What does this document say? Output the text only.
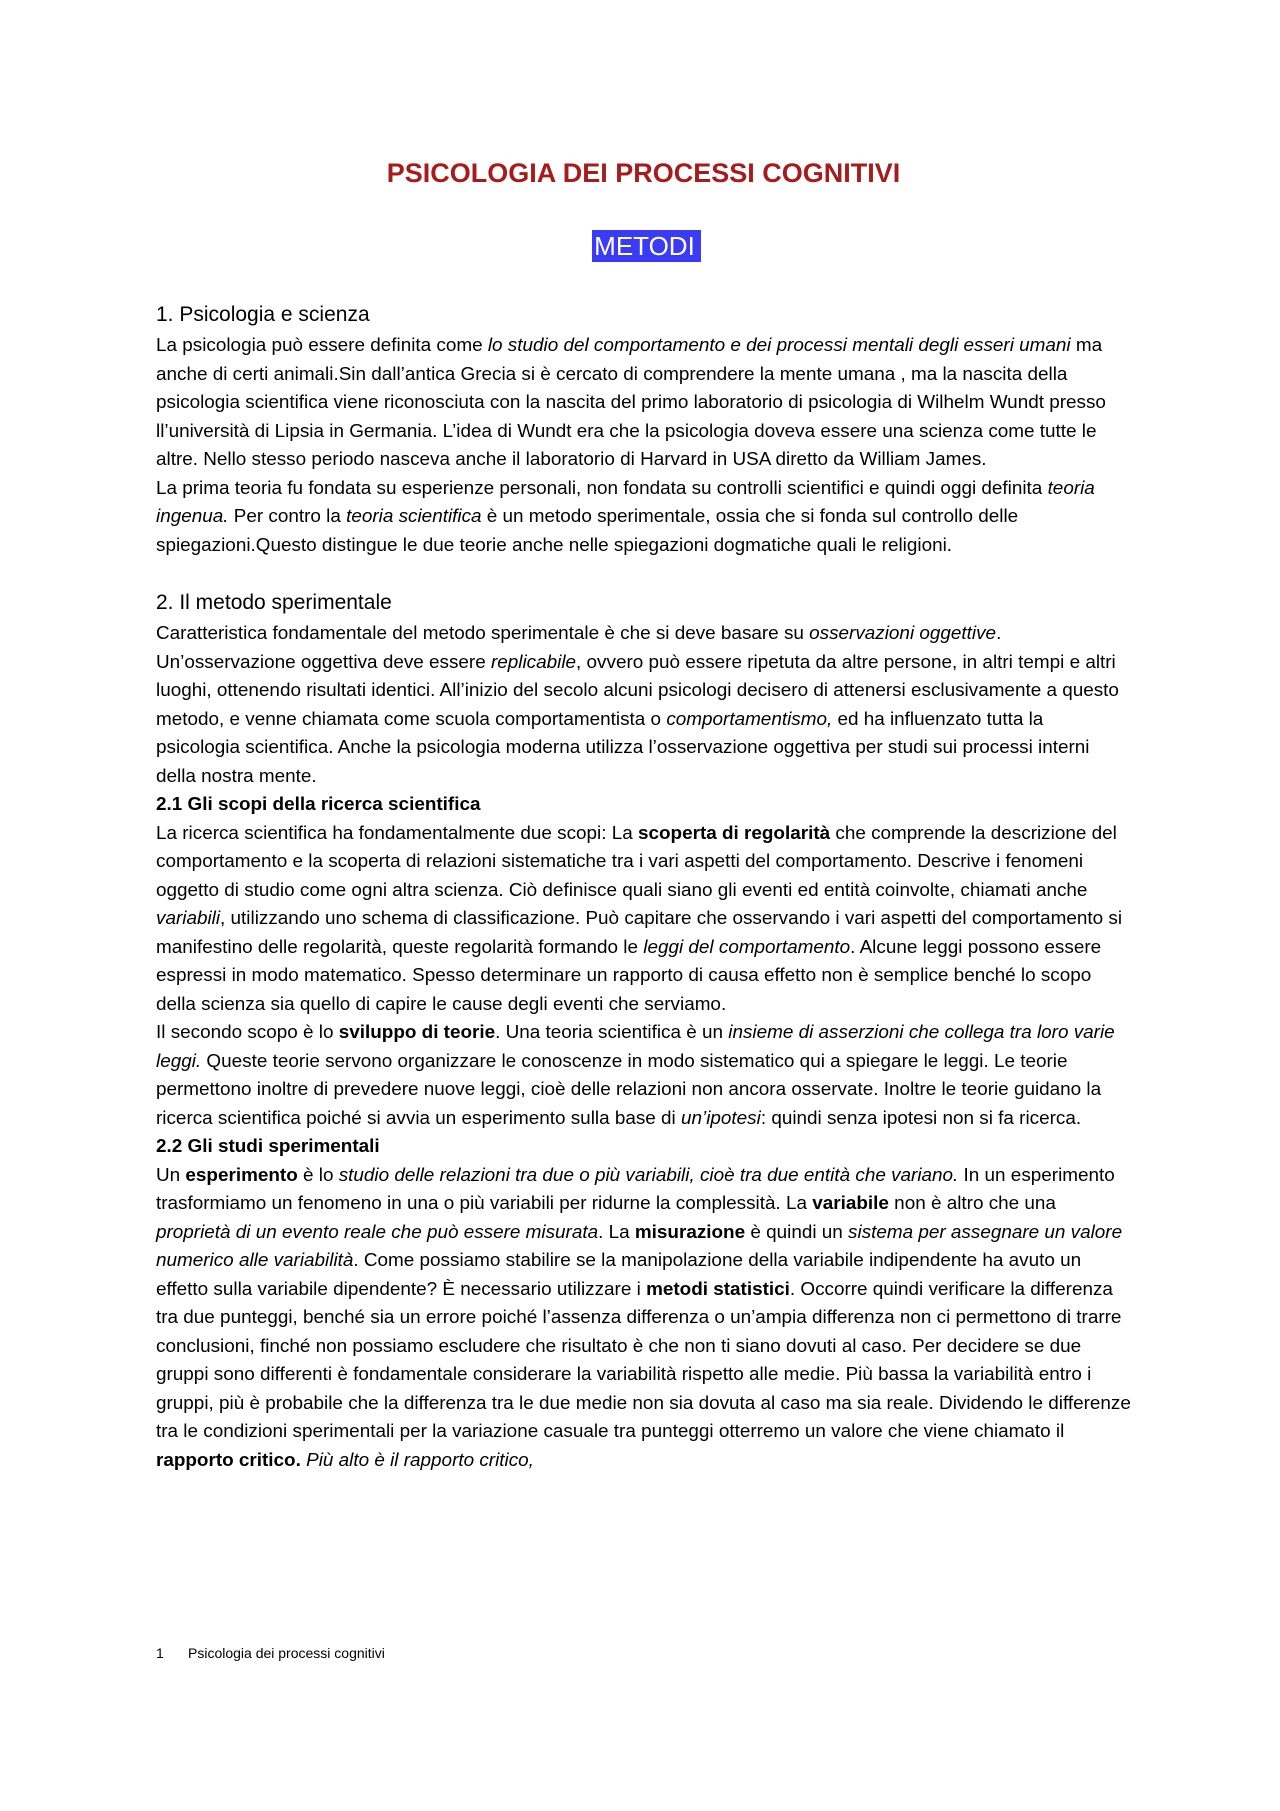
PSICOLOGIA DEI PROCESSI COGNITIVI
METODI
1. Psicologia e scienza

La psicologia può essere definita come lo studio del comportamento e dei processi mentali degli esseri umani ma anche di certi animali.Sin dall’antica Grecia si è cercato di comprendere la mente umana , ma la nascita della psicologia scientifica viene riconosciuta con la nascita del primo laboratorio di psicologia di Wilhelm Wundt presso ll’università di Lipsia in Germania. L’idea di Wundt era che la psicologia doveva essere una scienza come tutte le altre. Nello stesso periodo nasceva anche il laboratorio di Harvard in USA diretto da William James.

La prima teoria fu fondata su esperienze personali, non fondata su controlli scientifici e quindi oggi definita teoria ingenua. Per contro la teoria scientifica è un metodo sperimentale, ossia che si fonda sul controllo delle spiegazioni.Questo distingue le due teorie anche nelle spiegazioni dogmatiche quali le religioni.

2. Il metodo sperimentale

Caratteristica fondamentale del metodo sperimentale è che si deve basare su osservazioni oggettive. Un’osservazione oggettiva deve essere replicabile, ovvero può essere ripetuta da altre persone, in altri tempi e altri luoghi, ottenendo risultati identici. All’inizio del secolo alcuni psicologi decisero di attenersi esclusivamente a questo metodo, e venne chiamata come scuola comportamentista o comportamentismo, ed ha influenzato tutta la psicologia scientifica. Anche la psicologia moderna utilizza l’osservazione oggettiva per studi sui processi interni della nostra mente.

2.1 Gli scopi della ricerca scientifica

La ricerca scientifica ha fondamentalmente due scopi: La scoperta di regolarità che comprende la descrizione del comportamento e la scoperta di relazioni sistematiche tra i vari aspetti del comportamento. Descrive i fenomeni oggetto di studio come ogni altra scienza. Ciò definisce quali siano gli eventi ed entità coinvolte, chiamati anche variabili, utilizzando uno schema di classificazione. Può capitare che osservando i vari aspetti del comportamento si manifestino delle regolarità, queste regolarità formando le leggi del comportamento. Alcune leggi possono essere espressi in modo matematico. Spesso determinare un rapporto di causa effetto non è semplice benché lo scopo della scienza sia quello di capire le cause degli eventi che serviamo.

Il secondo scopo è lo sviluppo di teorie. Una teoria scientifica è un insieme di asserzioni che collega tra loro varie leggi. Queste teorie servono organizzare le conoscenze in modo sistematico qui a spiegare le leggi. Le teorie permettono inoltre di prevedere nuove leggi, cioè delle relazioni non ancora osservate. Inoltre le teorie guidano la ricerca scientifica poiché si avvia un esperimento sulla base di un’ipotesi: quindi senza ipotesi non si fa ricerca.

2.2 Gli studi sperimentali

Un esperimento è lo studio delle relazioni tra due o più variabili, cioè tra due entità che variano. In un esperimento trasformiamo un fenomeno in una o più variabili per ridurne la complessità. La variabile non è altro che una proprietà di un evento reale che può essere misurata. La misurazione è quindi un sistema per assegnare un valore numerico alle variabilità. Come possiamo stabilire se la manipolazione della variabile indipendente ha avuto un effetto sulla variabile dipendente? È necessario utilizzare i metodi statistici. Occorre quindi verificare la differenza tra due punteggi, benché sia un errore poiché l’assenza differenza o un’ampia differenza non ci permettono di trarre conclusioni, finché non possiamo escludere che risultato è che non ti siano dovuti al caso. Per decidere se due gruppi sono differenti è fondamentale considerare la variabilità rispetto alle medie. Più bassa la variabilità entro i gruppi, più è probabile che la differenza tra le due medie non sia dovuta al caso ma sia reale. Dividendo le differenze tra le condizioni sperimentali per la variazione casuale tra punteggi otterremo un valore che viene chiamato il rapporto critico. Più alto è il rapporto critico,

1 Psicologia dei processi cognitivi
